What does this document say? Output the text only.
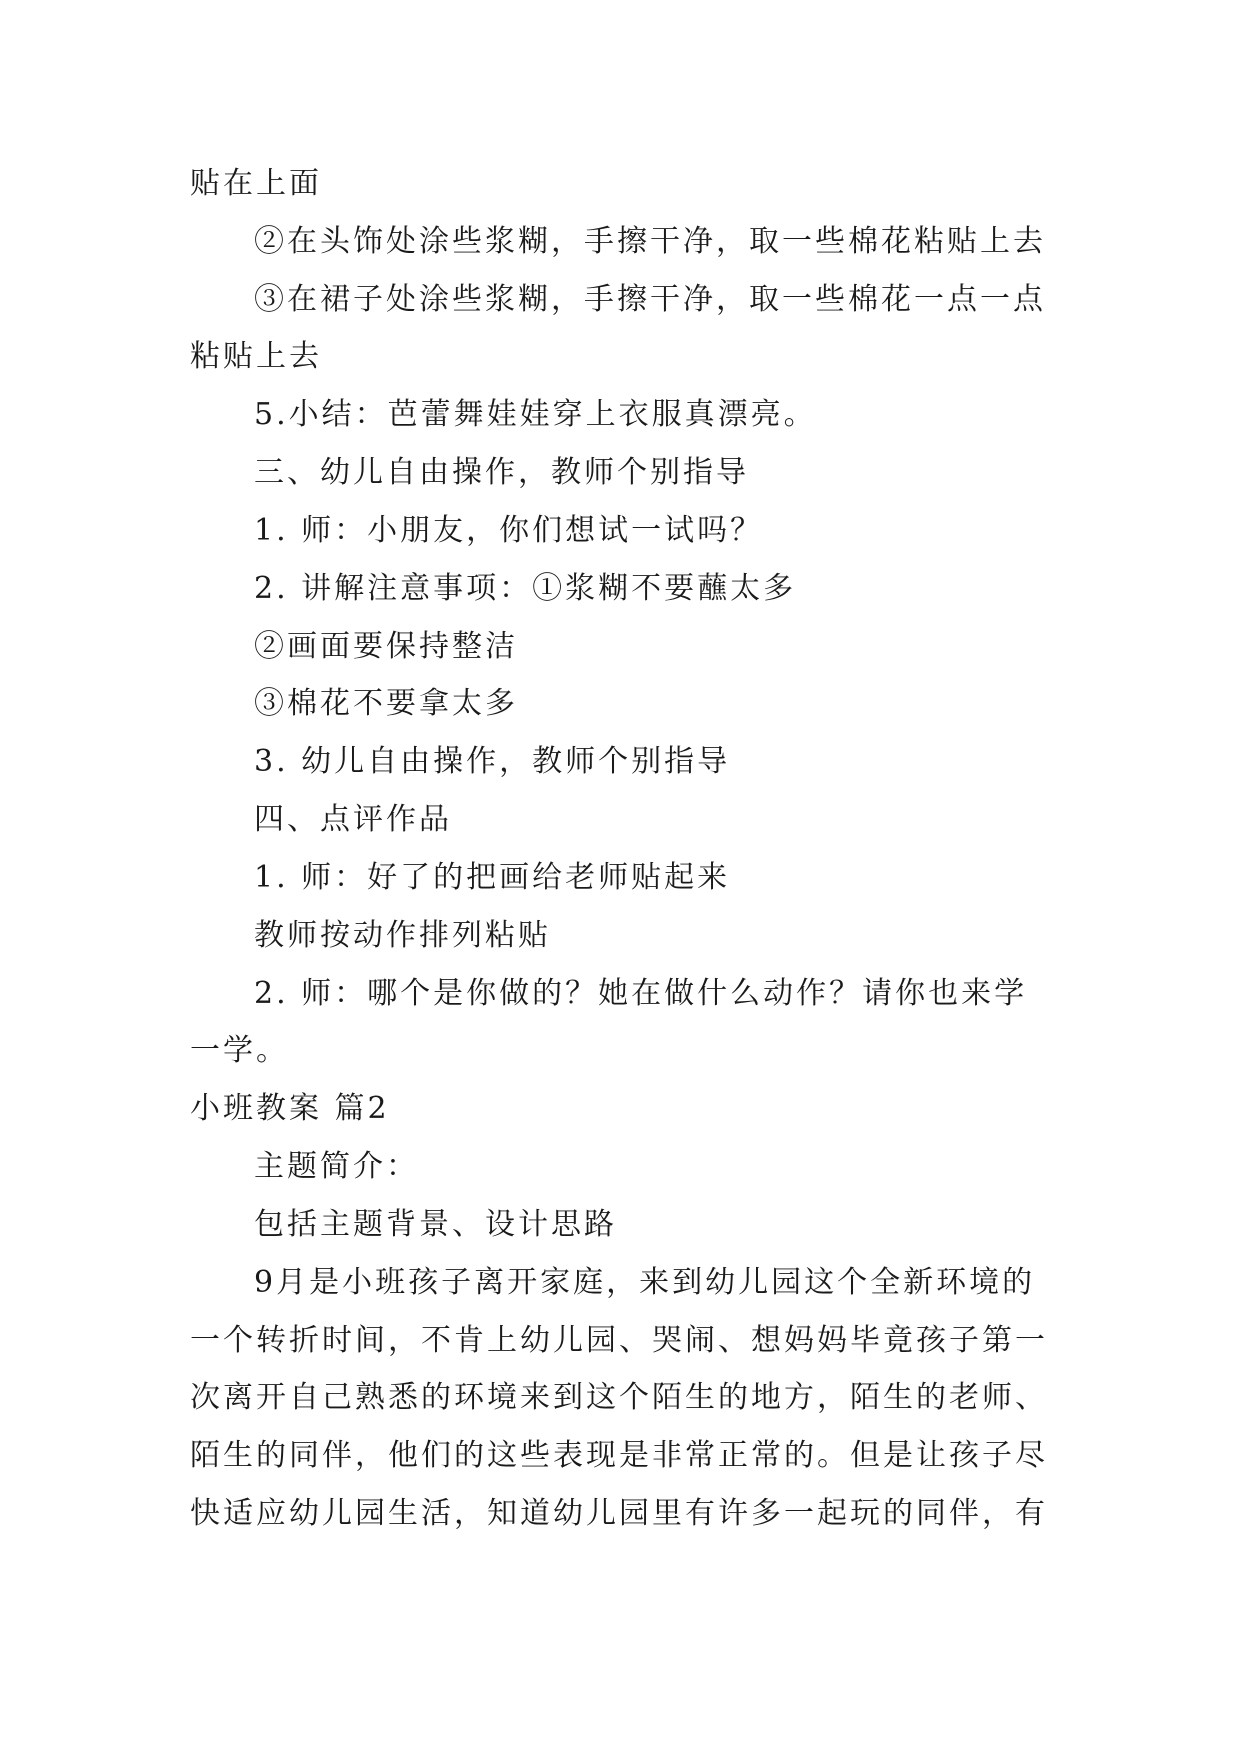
贴在上面
②在头饰处涂些浆糊，手擦干净，取一些棉花粘贴上去
③在裙子处涂些浆糊，手擦干净，取一些棉花一点一点
粘贴上去
5.小结：芭蕾舞娃娃穿上衣服真漂亮。
三、幼儿自由操作，教师个别指导
1. 师：小朋友，你们想试一试吗？
2. 讲解注意事项：①浆糊不要蘸太多
②画面要保持整洁
③棉花不要拿太多
3. 幼儿自由操作，教师个别指导
四、点评作品
1. 师：好了的把画给老师贴起来
教师按动作排列粘贴
2. 师：哪个是你做的？她在做什么动作？请你也来学
一学。
小班教案 篇2
主题简介：
包括主题背景、设计思路
9月是小班孩子离开家庭，来到幼儿园这个全新环境的
一个转折时间，不肯上幼儿园、哭闹、想妈妈毕竟孩子第一
次离开自己熟悉的环境来到这个陌生的地方，陌生的老师、
陌生的同伴，他们的这些表现是非常正常的。但是让孩子尽
快适应幼儿园生活，知道幼儿园里有许多一起玩的同伴，有
